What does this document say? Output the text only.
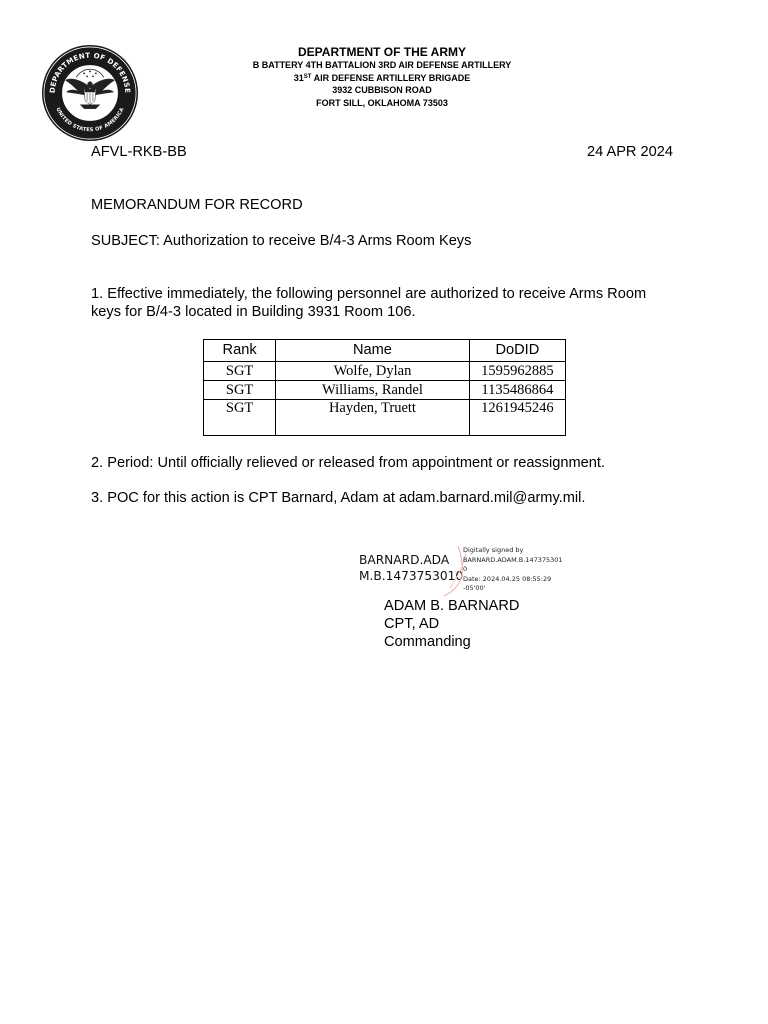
DEPARTMENT OF DEFENSE
UNITED STATES OF AMERICA
DEPARTMENT OF THE ARMY
B BATTERY 4TH BATTALION 3RD AIR DEFENSE ARTILLERY
31ST AIR DEFENSE ARTILLERY BRIGADE
3932 CUBBISON ROAD
FORT SILL, OKLAHOMA 73503
AFVL-RKB-BB	24 APR 2024
MEMORANDUM FOR RECORD
SUBJECT: Authorization to receive B/4-3 Arms Room Keys
1. Effective immediately, the following personnel are authorized to receive Arms Room
keys for B/4-3 located in Building 3931 Room 106.
Rank	Name	DoDID
SGT	Wolfe, Dylan	1595962885
SGT	Williams, Randel	1135486864
SGT	Hayden, Truett	1261945246
2. Period: Until officially relieved or released from appointment or reassignment.
3. POC for this action is CPT Barnard, Adam at adam.barnard.mil@army.mil.
BARNARD.ADA
M.B.1473753010
Digitally signed by
BARNARD.ADAM.B.147375301
0
Date: 2024.04.25 08:55:29
-05'00'
ADAM B. BARNARD
CPT, AD
Commanding
